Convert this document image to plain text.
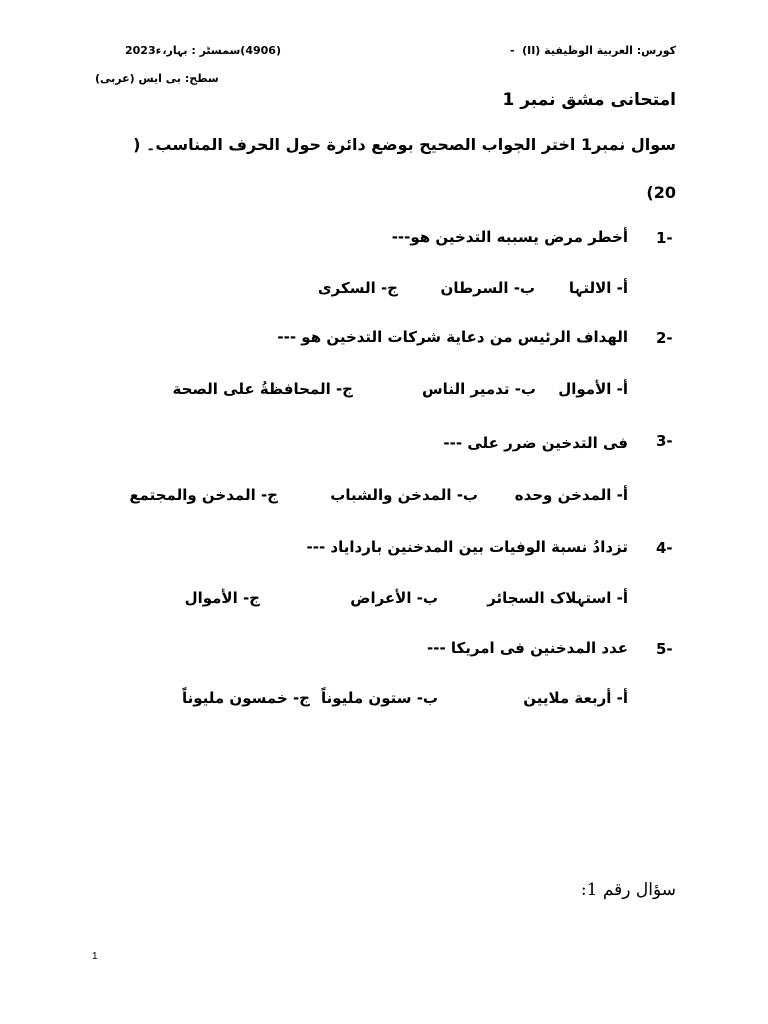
كورس: العربية الوظيفية (II)
-
(4906)سمسٹر : بہار،
2023ء
سطح: بی ایس (عربی)
امتحانی مشق نمبر 1
سوال نمبر1 اختر الجواب الصحيح بوضع دائرة حول الحرف المناسب۔ (
(20
1-
أخطر مرض يسببه التدخين هو---
أ- الالتہا
ب- السرطان
ج- السكرى
2-
الهداف الرئيس من دعاية شركات التدخين هو ---
أ- الأموال
ب- تدمير الناس
ج- المحافظةُ على الصحة
3-
فی التدخين ضرر علی ---
أ- المدخن وحده
ب- المدخن والشباب
ج- المدخن والمجتمع
4-
تزدادُ نسبة الوفيات بين المدخنين بارداياد ---
أ- استہلاک السجائر
ب- الأعراض
ج- الأموال
5-
عدد المدخنين فی امريكا ---
أ- أربعة ملايين
ب- ستون مليوناً
ج- خمسون مليوناً
سؤال رقم 1:
1
